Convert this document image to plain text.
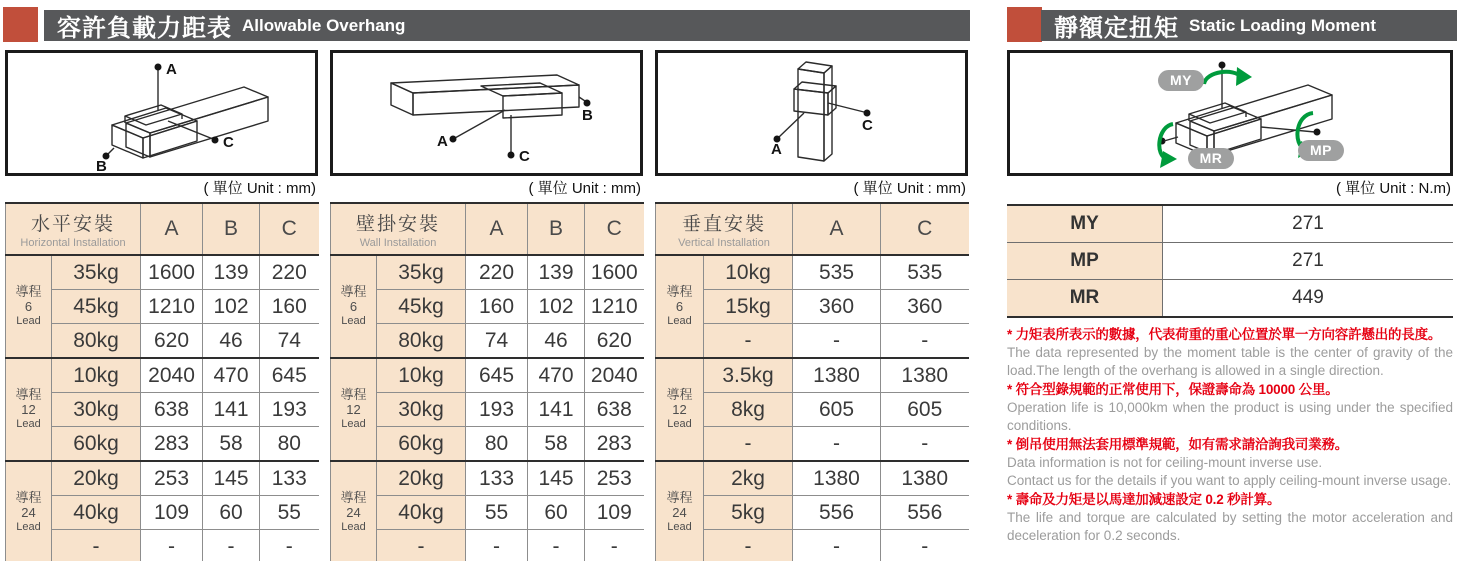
容許負載力距表 Allowable Overhang
A
C
B
( 單位 Unit : mm)
水平安裝
Horizontal Installation		A	B	C

導程
6
Lead	35kg	1600	139	220
	45kg	1210	102	160
	80kg	620	46	74

導程
12
Lead	10kg	2040	470	645
	30kg	638	141	193
	60kg	283	58	80

導程
24
Lead	20kg	253	145	133
	40kg	109	60	55
	-	-	-	-
B
A
C
( 單位 Unit : mm)
壁掛安裝
Wall Installation		A	B	C

導程
6
Lead	35kg	220	139	1600
	45kg	160	102	1210
	80kg	74	46	620

導程
12
Lead	10kg	645	470	2040
	30kg	193	141	638
	60kg	80	58	283

導程
24
Lead	20kg	133	145	253
	40kg	55	60	109
	-	-	-	-
A
C
( 單位 Unit : mm)
垂直安裝
Vertical Installation		A	C

導程
6
Lead	10kg	535	535
	15kg	360	360
	-	-	-

導程
12
Lead	3.5kg	1380	1380
	8kg	605	605
	-	-	-

導程
24
Lead	2kg	1380	1380
	5kg	556	556
	-	-	-
靜額定扭矩 Static Loading Moment
MY
MP
MR
( 單位 Unit : N.m)
MY	271
MP	271
MR	449
* 力矩表所表示的數據，代表荷重的重心位置於單一方向容許懸出的長度。
The data represented by the moment table is the center of gravity of the load.The length of the overhang is allowed in a single direction.
* 符合型錄規範的正常使用下，保證壽命為 10000 公里。
Operation life is 10,000km when the product is using under the specified conditions.
* 倒吊使用無法套用標準規範，如有需求請洽詢我司業務。
Data information is not for ceiling-mount inverse use.
Contact us for the details if you want to apply ceiling-mount inverse usage.
* 壽命及力矩是以馬達加減速設定 0.2 秒計算。
The life and torque are calculated by setting the motor acceleration and deceleration for 0.2 seconds.
